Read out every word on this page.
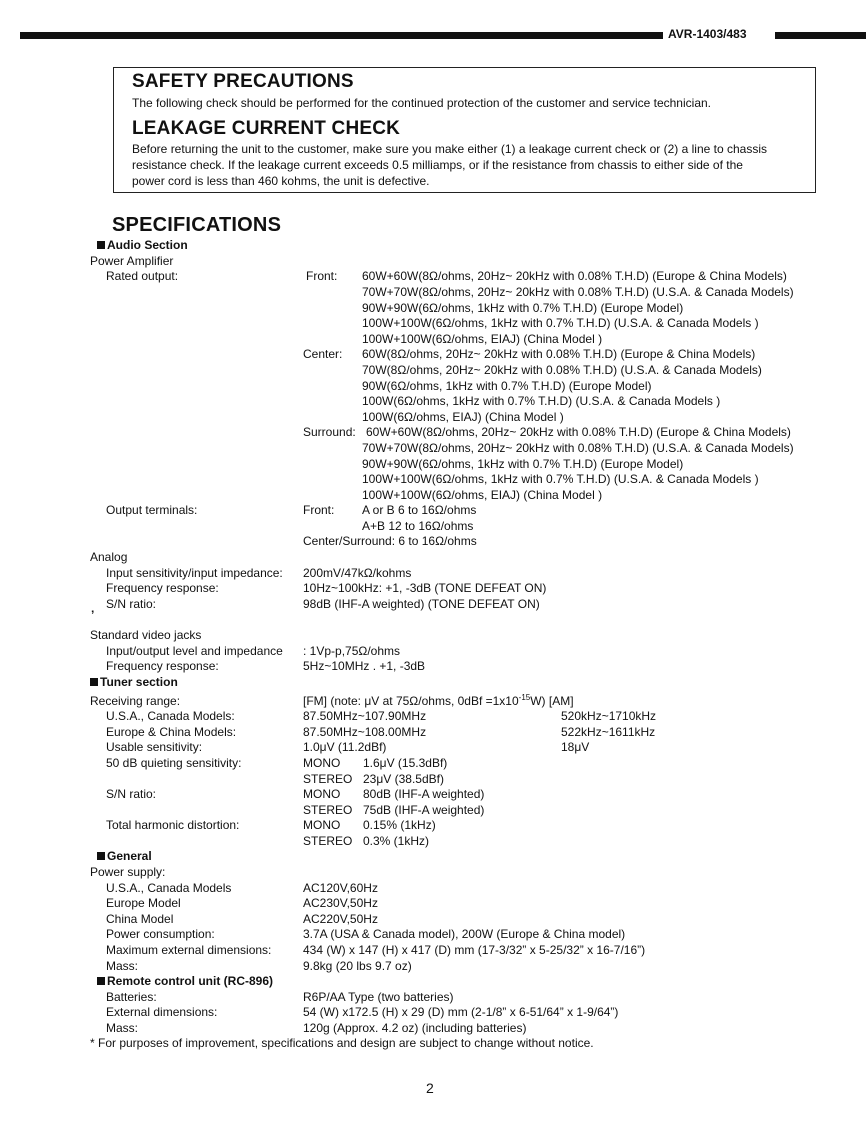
AVR-1403/483
SAFETY PRECAUTIONS
The following check should be performed for the continued protection of the customer and service technician.
LEAKAGE CURRENT CHECK
Before returning the unit to the customer, make sure you make either (1) a leakage current check or (2) a line to chassis
resistance check. If the leakage current exceeds 0.5 milliamps, or if the resistance from chassis to either side of the
power cord is less than 460 kohms, the unit is defective.
SPECIFICATIONS
Audio Section
Power Amplifier
Rated output:	Front: 60W+60W(8Ω/ohms, 20Hz~ 20kHz with 0.08% T.H.D) (Europe & China Models)
70W+70W(8Ω/ohms, 20Hz~ 20kHz with 0.08% T.H.D) (U.S.A. & Canada Models)
90W+90W(6Ω/ohms, 1kHz with 0.7% T.H.D) (Europe Model)
100W+100W(6Ω/ohms, 1kHz with 0.7% T.H.D) (U.S.A. & Canada Models )
100W+100W(6Ω/ohms, EIAJ) (China Model )
Center: 60W(8Ω/ohms, 20Hz~ 20kHz with 0.08% T.H.D) (Europe & China Models)
70W(8Ω/ohms, 20Hz~ 20kHz with 0.08% T.H.D) (U.S.A. & Canada Models)
90W(6Ω/ohms, 1kHz with 0.7% T.H.D) (Europe Model)
100W(6Ω/ohms, 1kHz with 0.7% T.H.D) (U.S.A. & Canada Models )
100W(6Ω/ohms, EIAJ) (China Model )
Surround: 60W+60W(8Ω/ohms, 20Hz~ 20kHz with 0.08% T.H.D) (Europe & China Models)
70W+70W(8Ω/ohms, 20Hz~ 20kHz with 0.08% T.H.D) (U.S.A. & Canada Models)
90W+90W(6Ω/ohms, 1kHz with 0.7% T.H.D) (Europe Model)
100W+100W(6Ω/ohms, 1kHz with 0.7% T.H.D) (U.S.A. & Canada Models )
100W+100W(6Ω/ohms, EIAJ) (China Model )
Output terminals:	Front: A or B 6 to 16Ω/ohms
A+B 12 to 16Ω/ohms
Center/Surround: 6 to 16Ω/ohms
Analog
Input sensitivity/input impedance: 200mV/47kΩ/kohms
Frequency response:	10Hz~100kHz: +1, -3dB (TONE DEFEAT ON)
S/N ratio:	98dB (IHF-A weighted) (TONE DEFEAT ON)
’
Standard video jacks
Input/output level and impedance : 1Vp-p,75Ω/ohms
Frequency response:	5Hz~10MHz . +1, -3dB
Tuner section
Receiving range:	[FM] (note: μV at 75Ω/ohms, $0dBf =1x10^{-15}W$) [AM]
U.S.A., Canada Models:	87.50MHz~107.90MHz	520kHz~1710kHz
Europe & China Models:	87.50MHz~108.00MHz	522kHz~1611kHz
Usable sensitivity:	1.0μV (11.2dBf)	18μV
50 dB quieting sensitivity:	MONO 1.6μV (15.3dBf)
STEREO 23μV (38.5dBf)
S/N ratio:	MONO 80dB (IHF-A weighted)
STEREO 75dB (IHF-A weighted)
Total harmonic distortion:	MONO 0.15% (1kHz)
STEREO 0.3% (1kHz)
General
Power supply:
U.S.A., Canada Models	AC120V,60Hz
Europe Model	AC230V,50Hz
China Model	AC220V,50Hz
Power consumption:	3.7A (USA & Canada model), 200W (Europe & China model)
Maximum external dimensions:	434 (W) x 147 (H) x 417 (D) mm (17-3/32” x 5-25/32” x 16-7/16”)
Mass:	9.8kg (20 lbs 9.7 oz)
Remote control unit (RC-896)
Batteries:	R6P/AA Type (two batteries)
External dimensions:	54 (W) x172.5 (H) x 29 (D) mm (2-1/8” x 6-51/64” x 1-9/64”)
Mass:	120g (Approx. 4.2 oz) (including batteries)
* For purposes of improvement, specifications and design are subject to change without notice.
2
